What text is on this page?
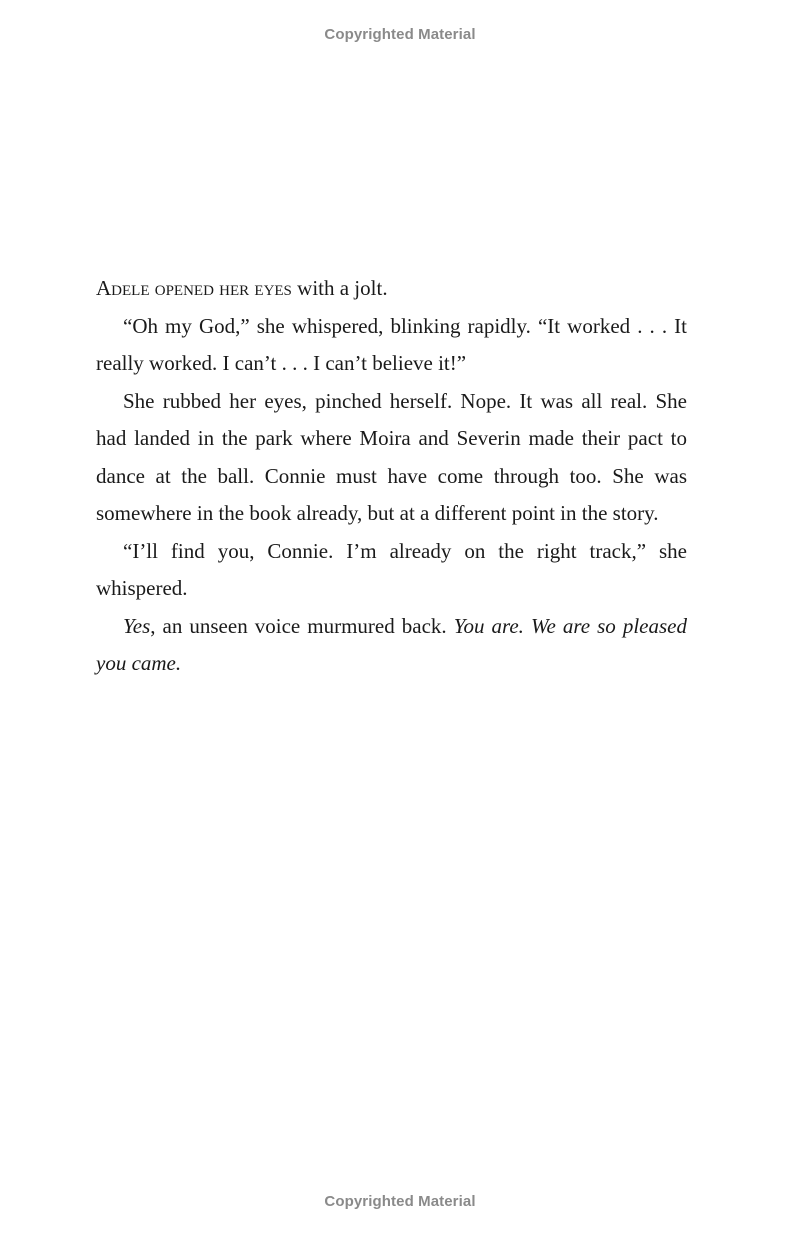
Copyrighted Material

Adele opened her eyes with a jolt.

“Oh my God,” she whispered, blinking rapidly. “It worked . . . It really worked. I can’t . . . I can’t believe it!”

She rubbed her eyes, pinched herself. Nope. It was all real. She had landed in the park where Moira and Severin made their pact to dance at the ball. Connie must have come through too. She was somewhere in the book already, but at a different point in the story.

“I’ll find you, Connie. I’m already on the right track,” she whispered.

Yes, an unseen voice murmured back. You are. We are so pleased you came.

Copyrighted Material
